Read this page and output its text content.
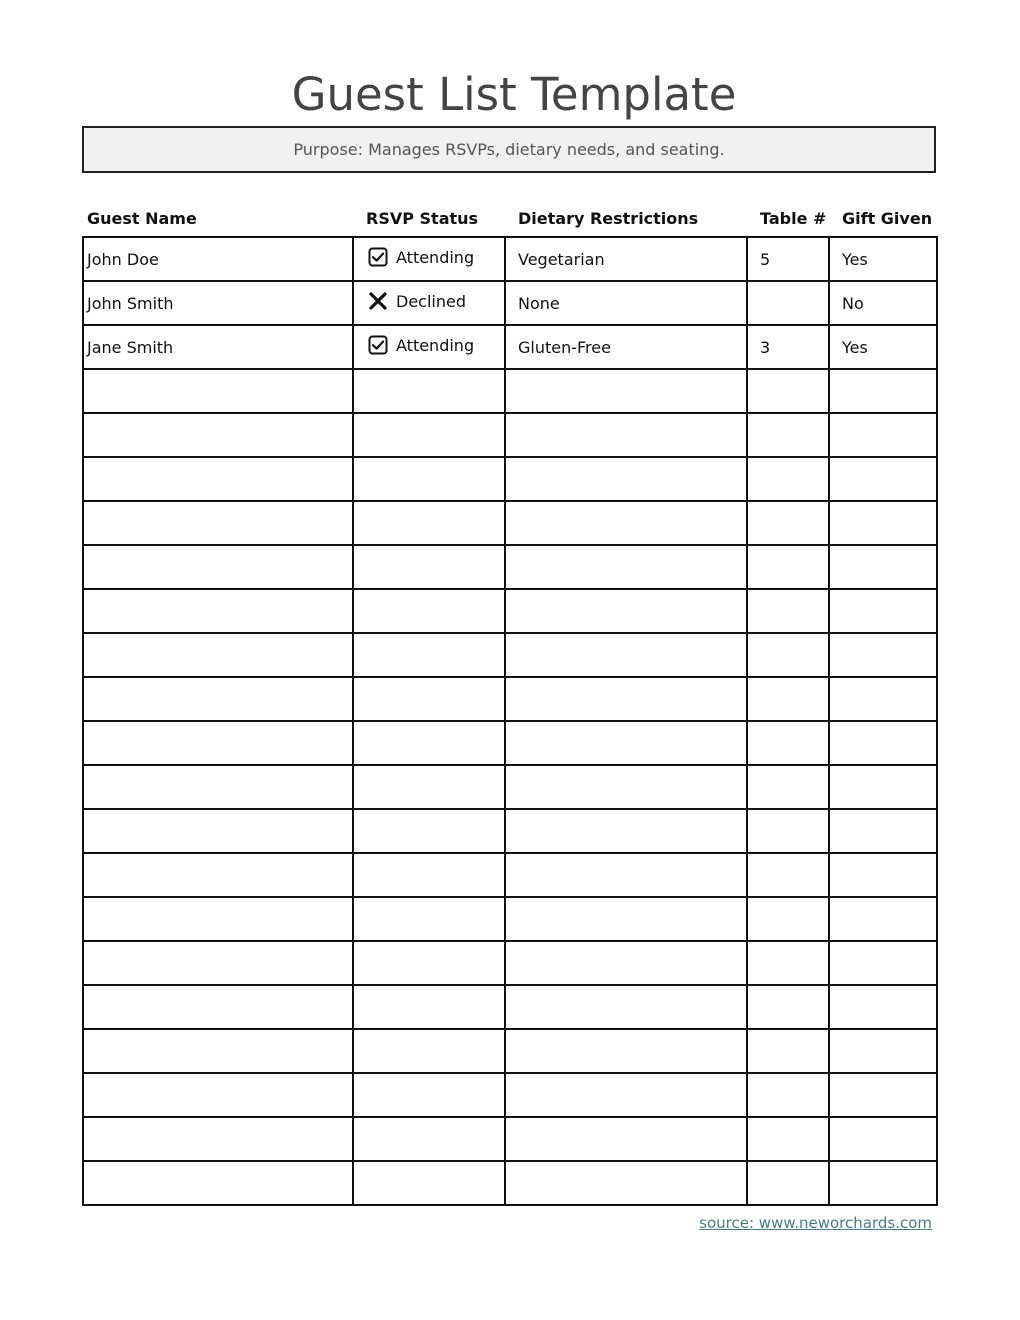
Guest List Template
Purpose: Manages RSVPs, dietary needs, and seating.
Guest Name	RSVP Status	Dietary Restrictions	Table #	Gift Given
John Doe	Attending	Vegetarian	5	Yes
John Smith	Declined	None		No
Jane Smith	Attending	Gluten-Free	3	Yes

source: www.neworchards.com
